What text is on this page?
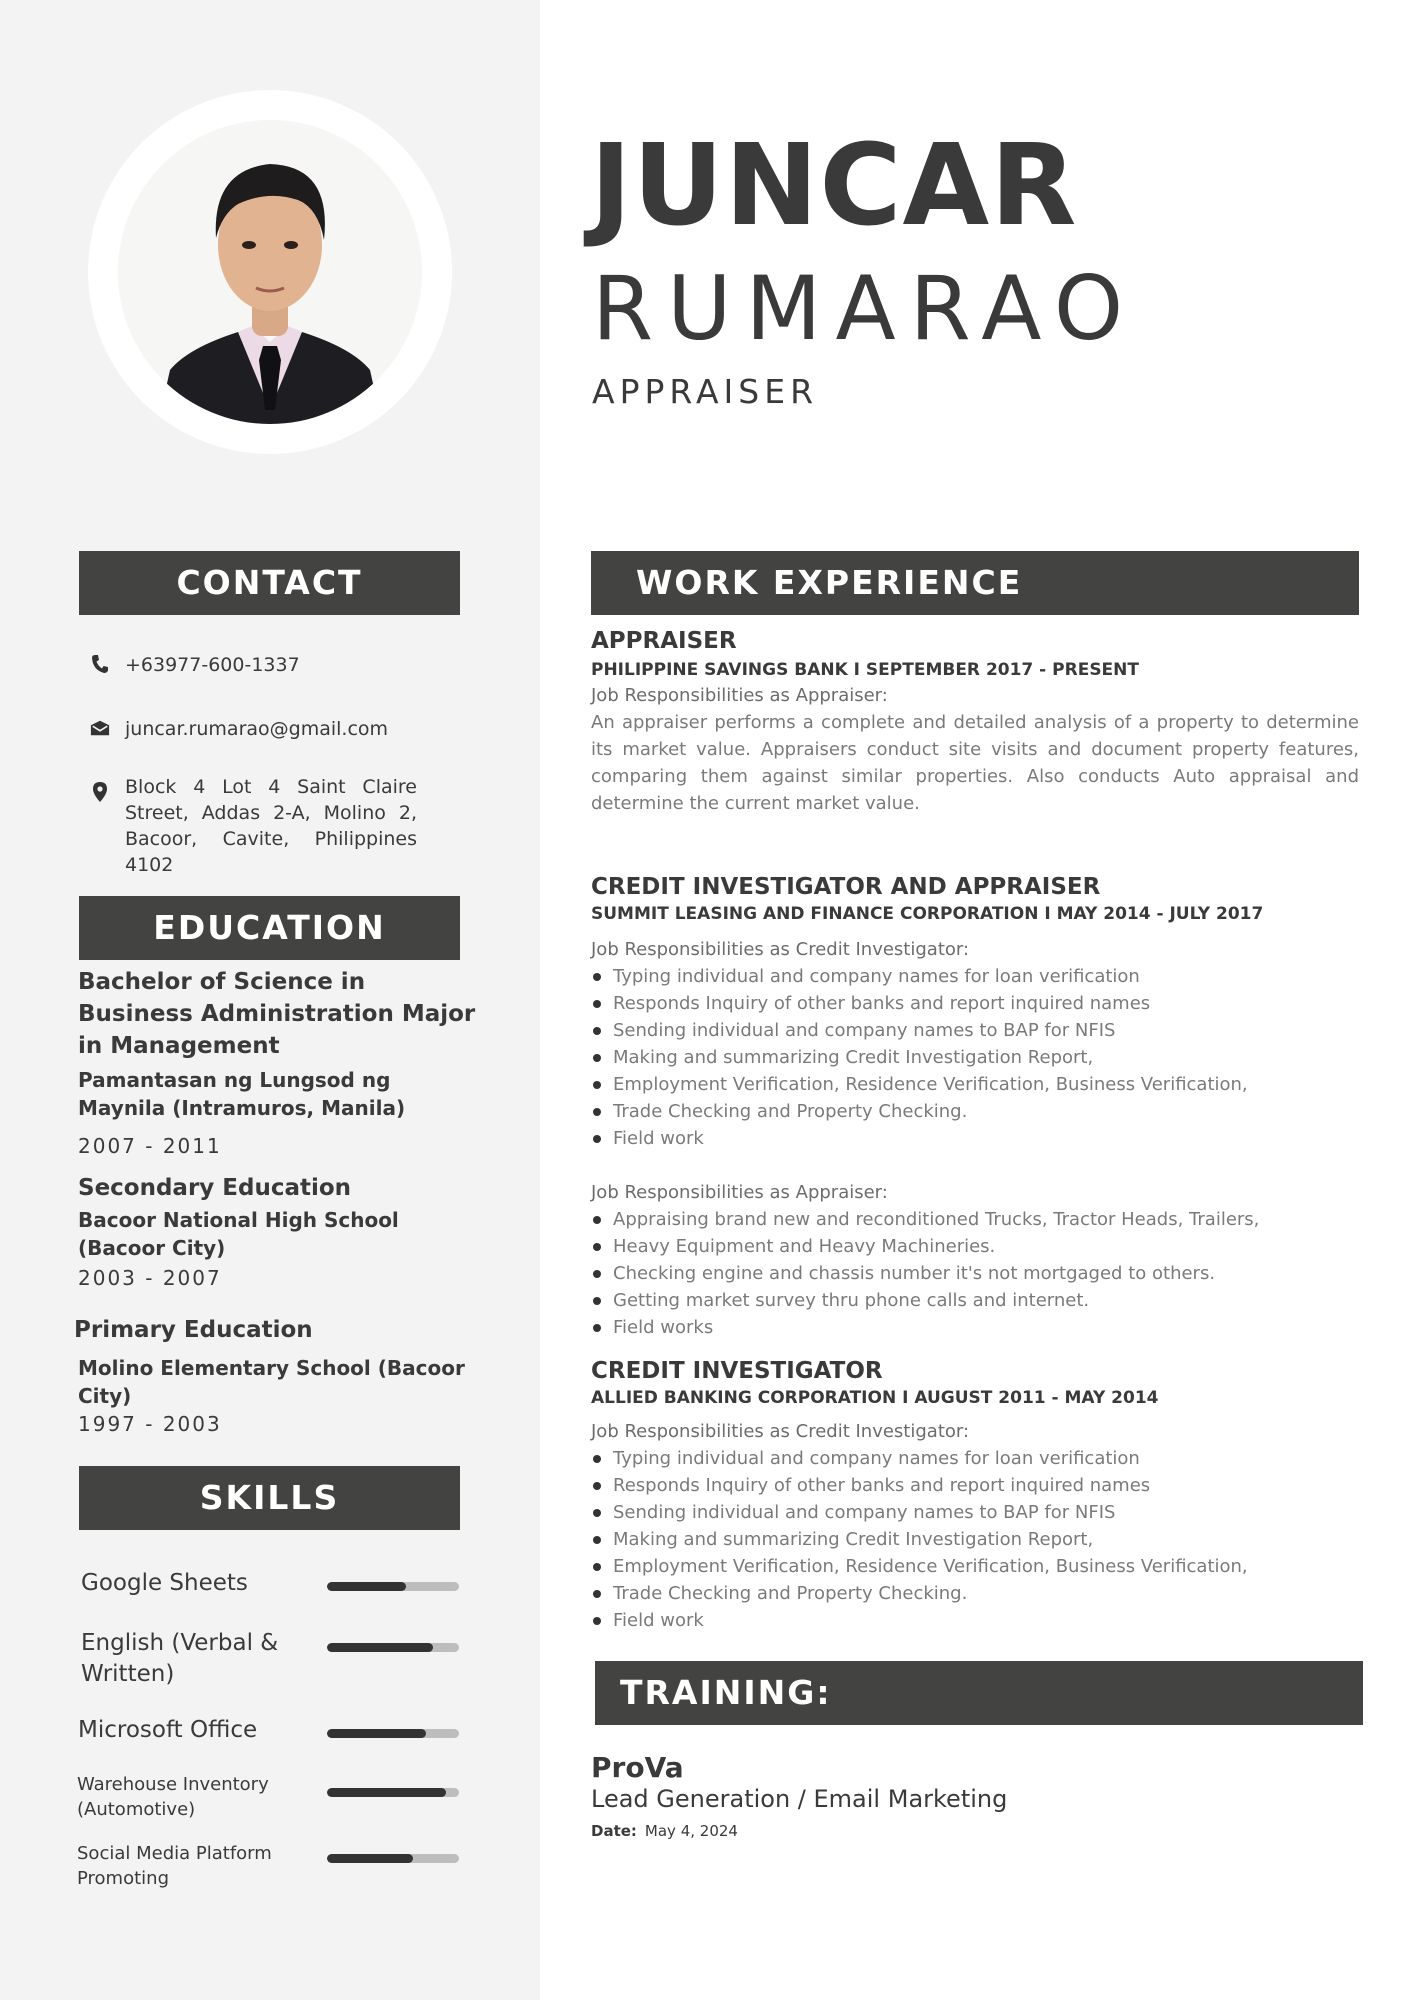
JUNCAR
RUMARAO
APPRAISER
CONTACT
+63977-600-1337
juncar.rumarao@gmail.com
Block 4 Lot 4 Saint Claire Street, Addas 2-A, Molino 2, Bacoor, Cavite, Philippines 4102
EDUCATION
Bachelor of Science in Business Administration Major in Management
Pamantasan ng Lungsod ng Maynila (Intramuros, Manila)
2007 - 2011
Secondary Education
Bacoor National High School (Bacoor City)
2003 - 2007
Primary Education
Molino Elementary School (Bacoor City)
1997 - 2003
SKILLS
Google Sheets
English (Verbal & Written)
Microsoft Office
Warehouse Inventory (Automotive)
Social Media Platform Promoting
WORK EXPERIENCE
APPRAISER
PHILIPPINE SAVINGS BANK I SEPTEMBER 2017 - PRESENT
Job Responsibilities as Appraiser:
An appraiser performs a complete and detailed analysis of a property to determine its market value. Appraisers conduct site visits and document property features, comparing them against similar properties. Also conducts Auto appraisal and determine the current market value.
CREDIT INVESTIGATOR AND APPRAISER
SUMMIT LEASING AND FINANCE CORPORATION I MAY 2014 - JULY 2017
Job Responsibilities as Credit Investigator:
Typing individual and company names for loan verification
Responds Inquiry of other banks and report inquired names
Sending individual and company names to BAP for NFIS
Making and summarizing Credit Investigation Report,
Employment Verification, Residence Verification, Business Verification,
Trade Checking and Property Checking.
Field work
Job Responsibilities as Appraiser:
Appraising brand new and reconditioned Trucks, Tractor Heads, Trailers,
Heavy Equipment and Heavy Machineries.
Checking engine and chassis number it's not mortgaged to others.
Getting market survey thru phone calls and internet.
Field works
CREDIT INVESTIGATOR
ALLIED BANKING CORPORATION I AUGUST 2011 - MAY 2014
Job Responsibilities as Credit Investigator:
Typing individual and company names for loan verification
Responds Inquiry of other banks and report inquired names
Sending individual and company names to BAP for NFIS
Making and summarizing Credit Investigation Report,
Employment Verification, Residence Verification, Business Verification,
Trade Checking and Property Checking.
Field work
TRAINING:
ProVa
Lead Generation / Email Marketing
Date: May 4, 2024
